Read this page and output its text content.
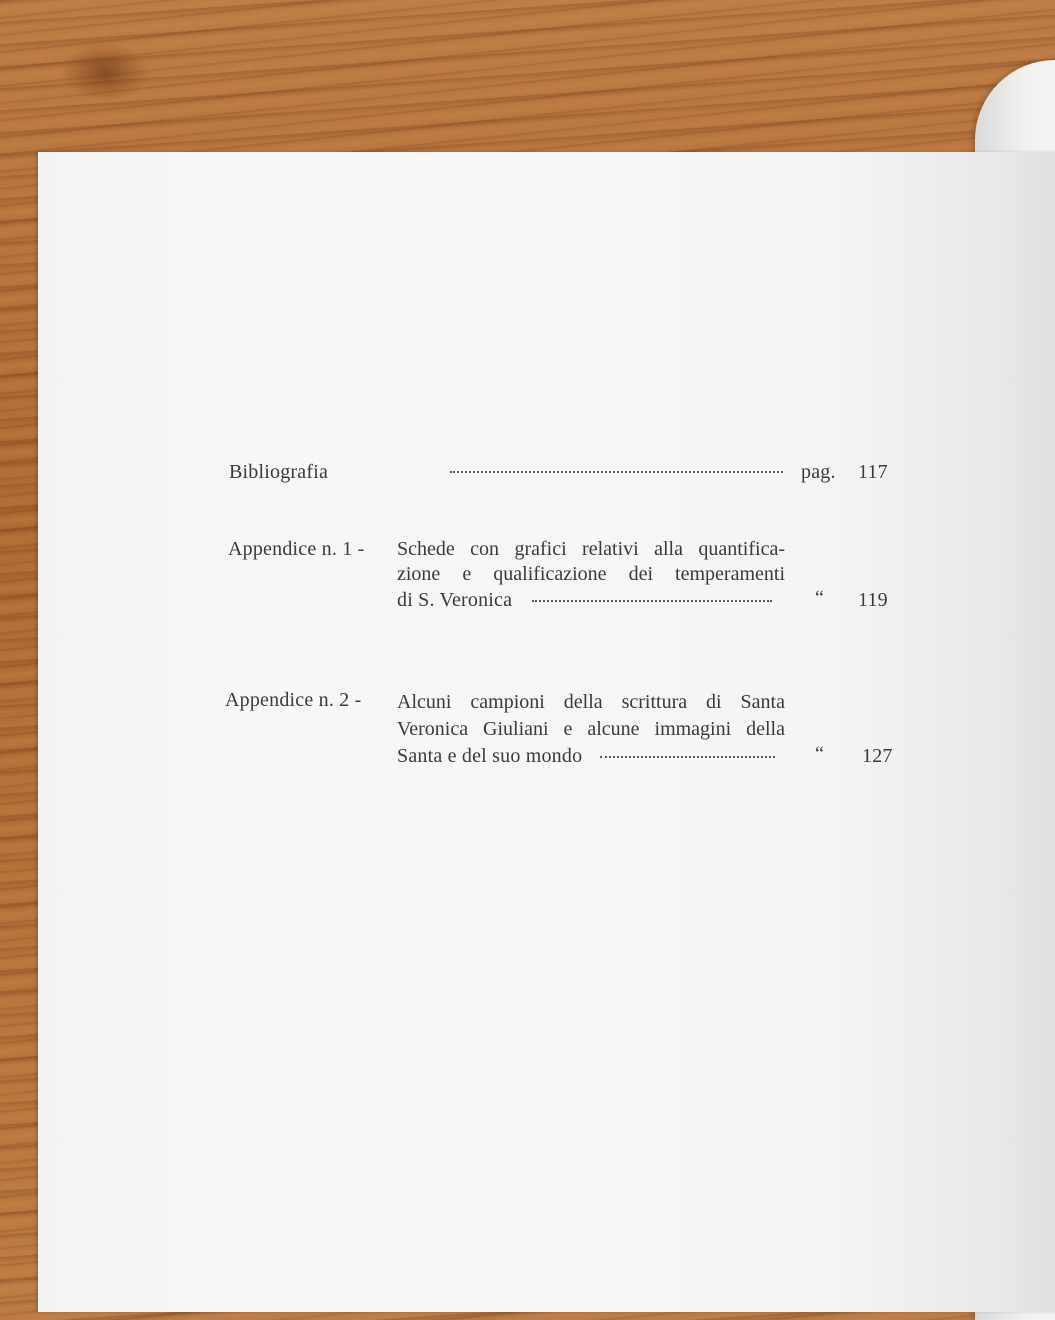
Bibliografia	pag. 117
Appendice n. 1 - Schede con grafici relativi alla quantifica-
zione e qualificazione dei temperamenti
di S. Veronica	“ 119
Appendice n. 2 - Alcuni campioni della scrittura di Santa
Veronica Giuliani e alcune immagini della
Santa e del suo mondo	“ 127
